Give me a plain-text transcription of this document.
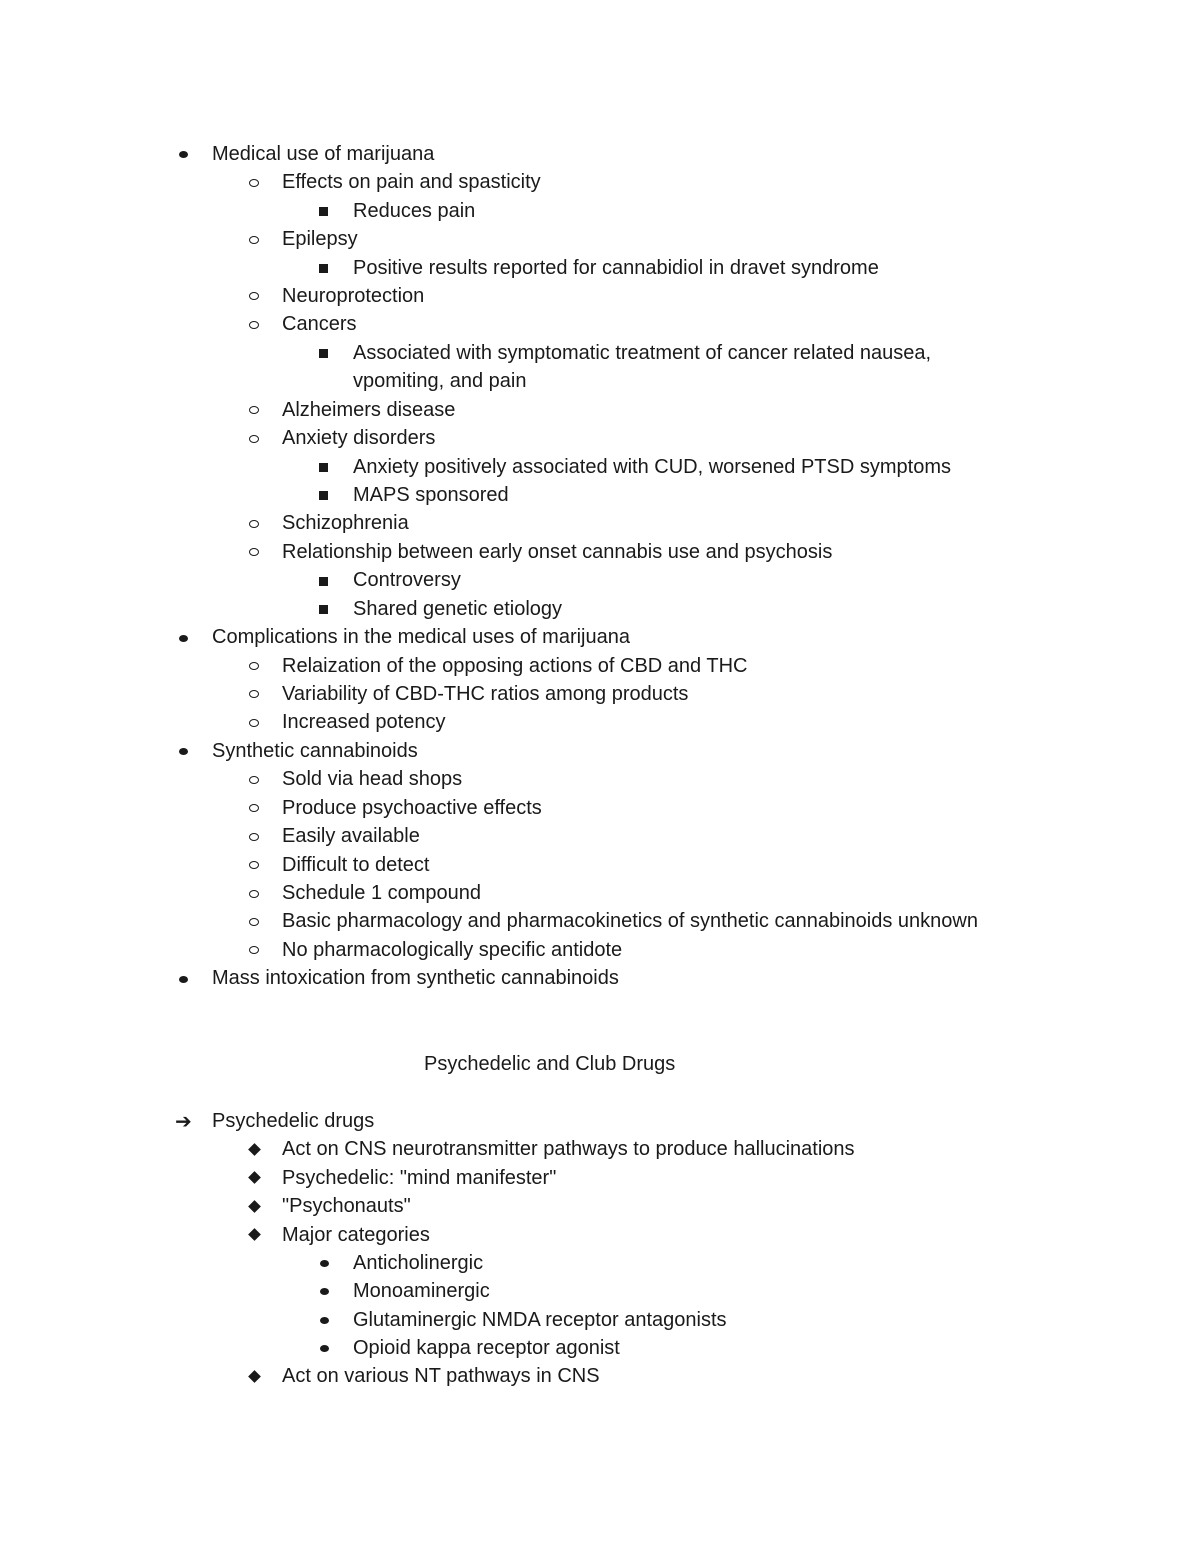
Medical use of marijuana
Effects on pain and spasticity
Reduces pain
Epilepsy
Positive results reported for cannabidiol in dravet syndrome
Neuroprotection
Cancers
Associated with symptomatic treatment of cancer related nausea,
vpomiting, and pain
Alzheimers disease
Anxiety disorders
Anxiety positively associated with CUD, worsened PTSD symptoms
MAPS sponsored
Schizophrenia
Relationship between early onset cannabis use and psychosis
Controversy
Shared genetic etiology
Complications in the medical uses of marijuana
Relaization of the opposing actions of CBD and THC
Variability of CBD-THC ratios among products
Increased potency
Synthetic cannabinoids
Sold via head shops
Produce psychoactive effects
Easily available
Difficult to detect
Schedule 1 compound
Basic pharmacology and pharmacokinetics of synthetic cannabinoids unknown
No pharmacologically specific antidote
Mass intoxication from synthetic cannabinoids
Psychedelic and Club Drugs
➔ Psychedelic drugs
Act on CNS neurotransmitter pathways to produce hallucinations
Psychedelic: "mind manifester"
"Psychonauts"
Major categories
Anticholinergic
Monoaminergic
Glutaminergic NMDA receptor antagonists
Opioid kappa receptor agonist
Act on various NT pathways in CNS
